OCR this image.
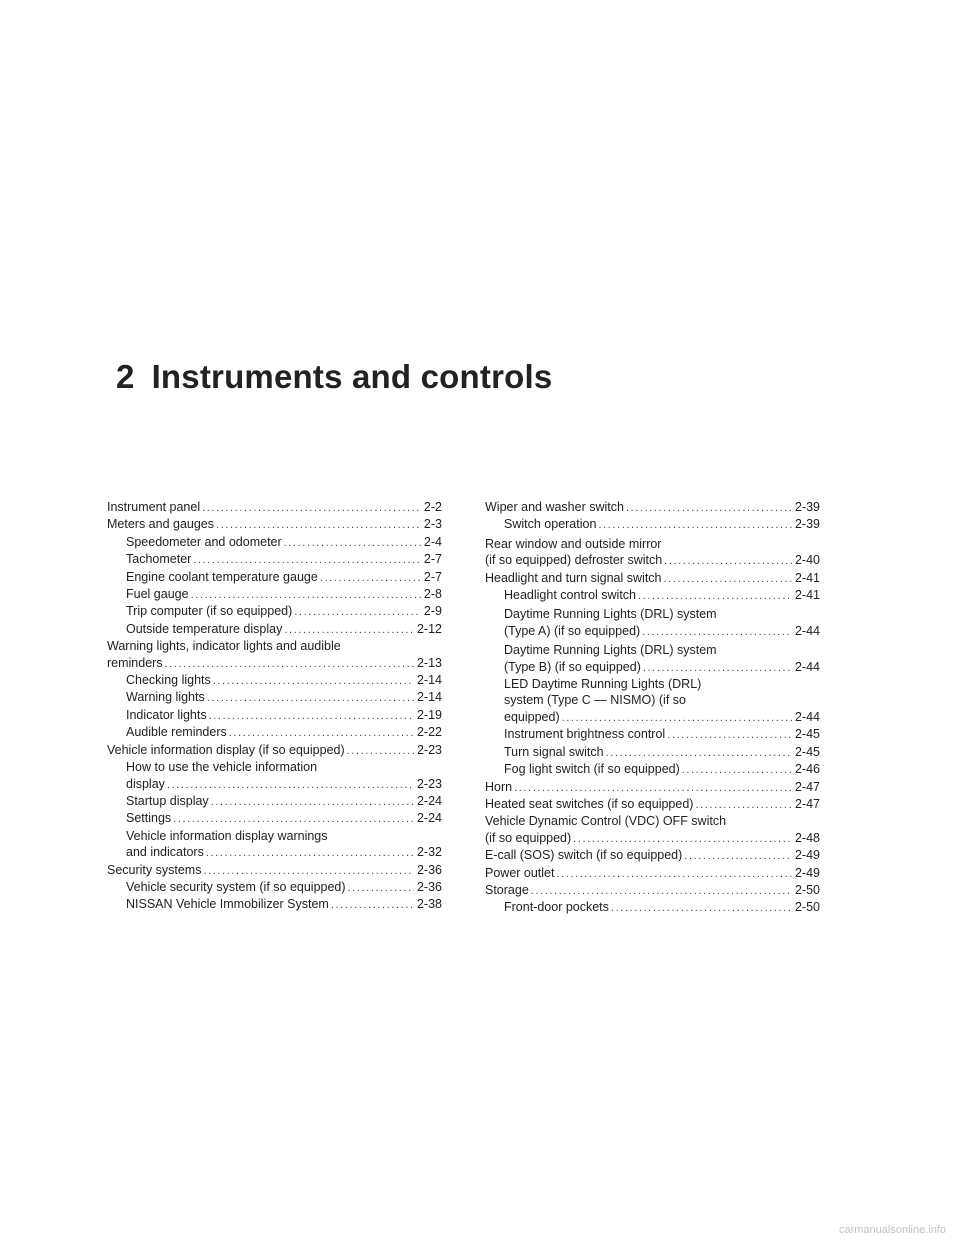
2 Instruments and controls
Instrument panel .....	2-2
Meters and gauges .....	2-3
Speedometer and odometer .....	2-4
Tachometer .....	2-7
Engine coolant temperature gauge .....	2-7
Fuel gauge .....	2-8
Trip computer (if so equipped) .....	2-9
Outside temperature display .....	2-12
Warning lights, indicator lights and audible
reminders .....	2-13
Checking lights .....	2-14
Warning lights .....	2-14
Indicator lights .....	2-19
Audible reminders .....	2-22
Vehicle information display (if so equipped) .....	2-23
How to use the vehicle information
display .....	2-23
Startup display .....	2-24
Settings .....	2-24
Vehicle information display warnings
and indicators .....	2-32
Security systems .....	2-36
Vehicle security system (if so equipped) .....	2-36
NISSAN Vehicle Immobilizer System .....	2-38
Wiper and washer switch .....	2-39
Switch operation .....	2-39
Rear window and outside mirror
(if so equipped) defroster switch .....	2-40
Headlight and turn signal switch .....	2-41
Headlight control switch .....	2-41
Daytime Running Lights (DRL) system
(Type A) (if so equipped) .....	2-44
Daytime Running Lights (DRL) system
(Type B) (if so equipped) .....	2-44
LED Daytime Running Lights (DRL)
system (Type C — NISMO) (if so
equipped) .....	2-44
Instrument brightness control .....	2-45
Turn signal switch .....	2-45
Fog light switch (if so equipped) .....	2-46
Horn .....	2-47
Heated seat switches (if so equipped) .....	2-47
Vehicle Dynamic Control (VDC) OFF switch
(if so equipped) .....	2-48
E-call (SOS) switch (if so equipped) .....	2-49
Power outlet .....	2-49
Storage .....	2-50
Front-door pockets .....	2-50
carmanualsonline.info
